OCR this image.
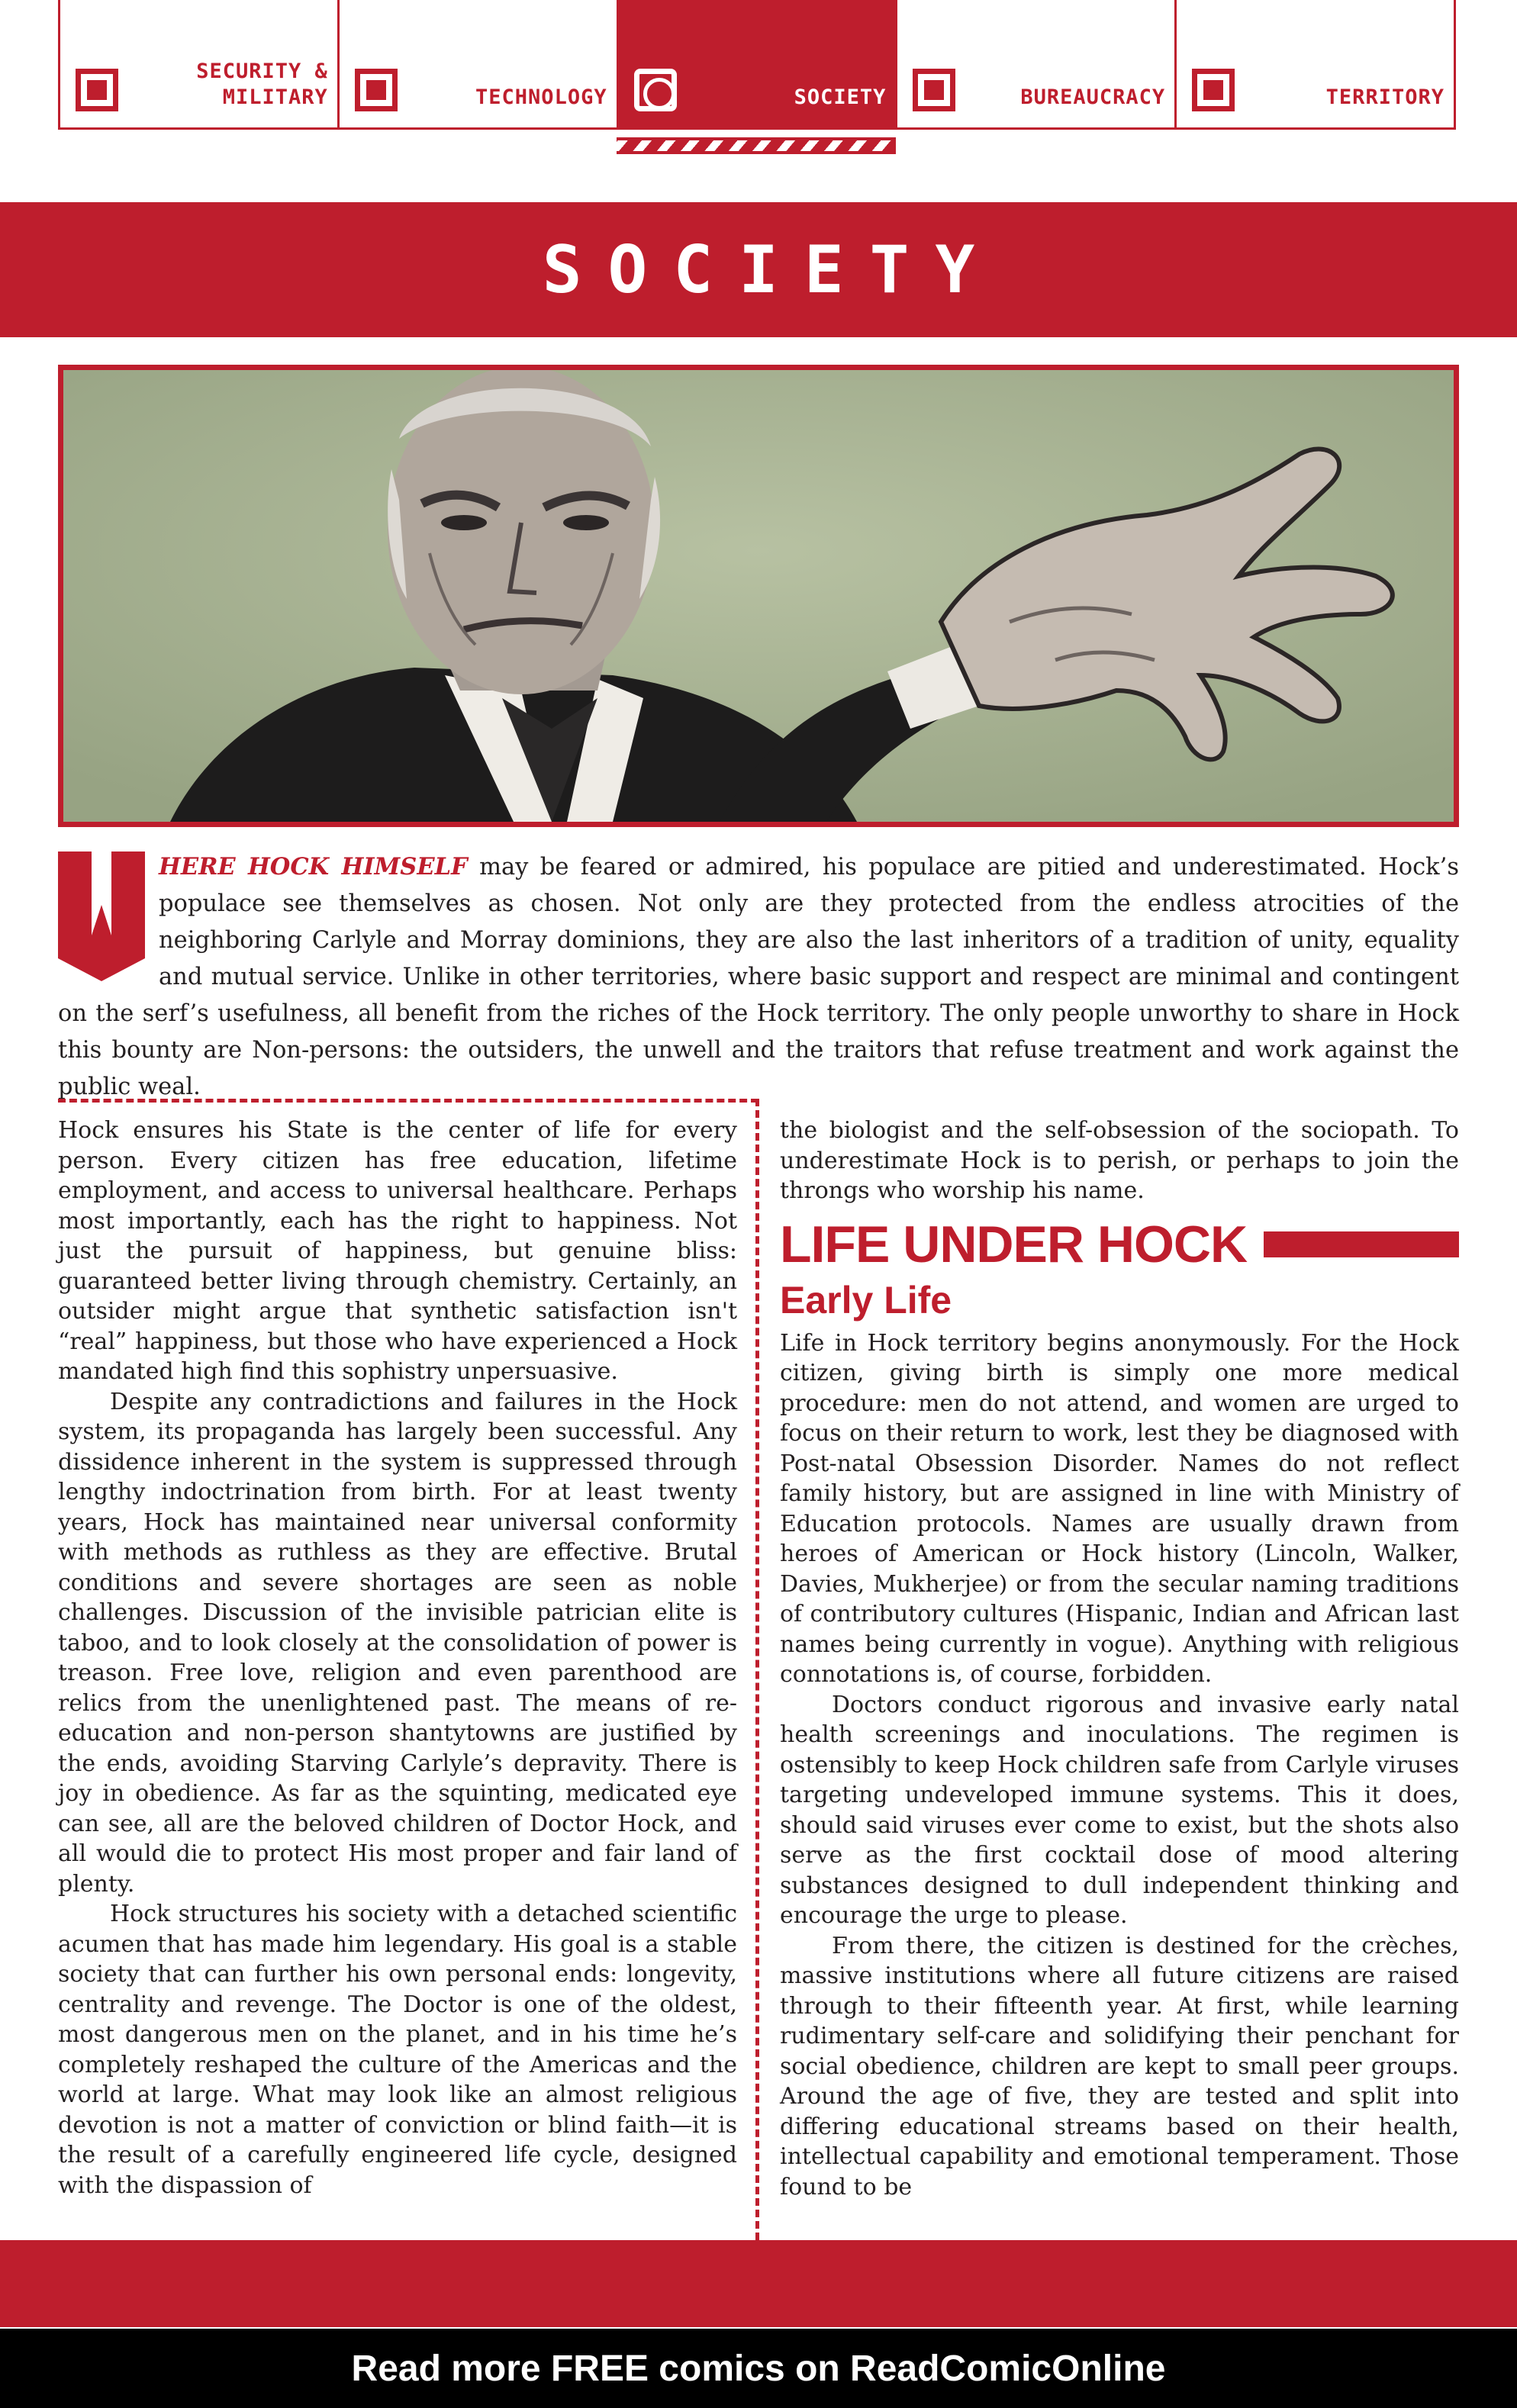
SECURITY & MILITARY	TECHNOLOGY	SOCIETY	BUREAUCRACY	TERRITORY
SOCIETY
W
HERE HOCK HIMSELF may be feared or admired, his populace are pitied and underestimated. Hock’s populace see themselves as chosen. Not only are they protected from the endless atrocities of the neighboring Carlyle and Morray dominions, they are also the last inheritors of a tradition of unity, equality and mutual service. Unlike in other territories, where basic support and respect are minimal and contingent on the serf’s usefulness, all benefit from the riches of the Hock territory. The only people unworthy to share in Hock this bounty are Non-persons: the outsiders, the unwell and the traitors that refuse treatment and work against the public weal.

Hock ensures his State is the center of life for every person. Every citizen has free education, lifetime employment, and access to universal healthcare. Perhaps most importantly, each has the right to happiness. Not just the pursuit of happiness, but genuine bliss: guaranteed better living through chemistry. Certainly, an outsider might argue that synthetic satisfaction isn't “real” happiness, but those who have experienced a Hock mandated high find this sophistry unpersuasive.

Despite any contradictions and failures in the Hock system, its propaganda has largely been successful. Any dissidence inherent in the system is suppressed through lengthy indoctrination from birth. For at least twenty years, Hock has maintained near universal conformity with methods as ruthless as they are effective. Brutal conditions and severe shortages are seen as noble challenges. Discussion of the invisible patrician elite is taboo, and to look closely at the consolidation of power is treason. Free love, religion and even parenthood are relics from the unenlightened past. The means of re-education and non-person shantytowns are justified by the ends, avoiding Starving Carlyle’s depravity. There is joy in obedience. As far as the squinting, medicated eye can see, all are the beloved children of Doctor Hock, and all would die to protect His most proper and fair land of plenty.

Hock structures his society with a detached scientific acumen that has made him legendary. His goal is a stable society that can further his own personal ends: longevity, centrality and revenge. The Doctor is one of the oldest, most dangerous men on the planet, and in his time he’s completely reshaped the culture of the Americas and the world at large. What may look like an almost religious devotion is not a matter of conviction or blind faith—it is the result of a carefully engineered life cycle, designed with the dispassion of

the biologist and the self-obsession of the sociopath. To underestimate Hock is to perish, or perhaps to join the throngs who worship his name.

LIFE UNDER HOCK
Early Life

Life in Hock territory begins anonymously. For the Hock citizen, giving birth is simply one more medical procedure: men do not attend, and women are urged to focus on their return to work, lest they be diagnosed with Post-natal Obsession Disorder. Names do not reflect family history, but are assigned in line with Ministry of Education protocols. Names are usually drawn from heroes of American or Hock history (Lincoln, Walker, Davies, Mukherjee) or from the secular naming traditions of contributory cultures (Hispanic, Indian and African last names being currently in vogue). Anything with religious connotations is, of course, forbidden.

Doctors conduct rigorous and invasive early natal health screenings and inoculations. The regimen is ostensibly to keep Hock children safe from Carlyle viruses targeting undeveloped immune systems. This it does, should said viruses ever come to exist, but the shots also serve as the first cocktail dose of mood altering substances designed to dull independent thinking and encourage the urge to please.

From there, the citizen is destined for the crèches, massive institutions where all future citizens are raised through to their fifteenth year. At first, while learning rudimentary self-care and solidifying their penchant for social obedience, children are kept to small peer groups. Around the age of five, they are tested and split into differing educational streams based on their health, intellectual capability and emotional temperament. Those found to be

Read more FREE comics on ReadComicOnline
